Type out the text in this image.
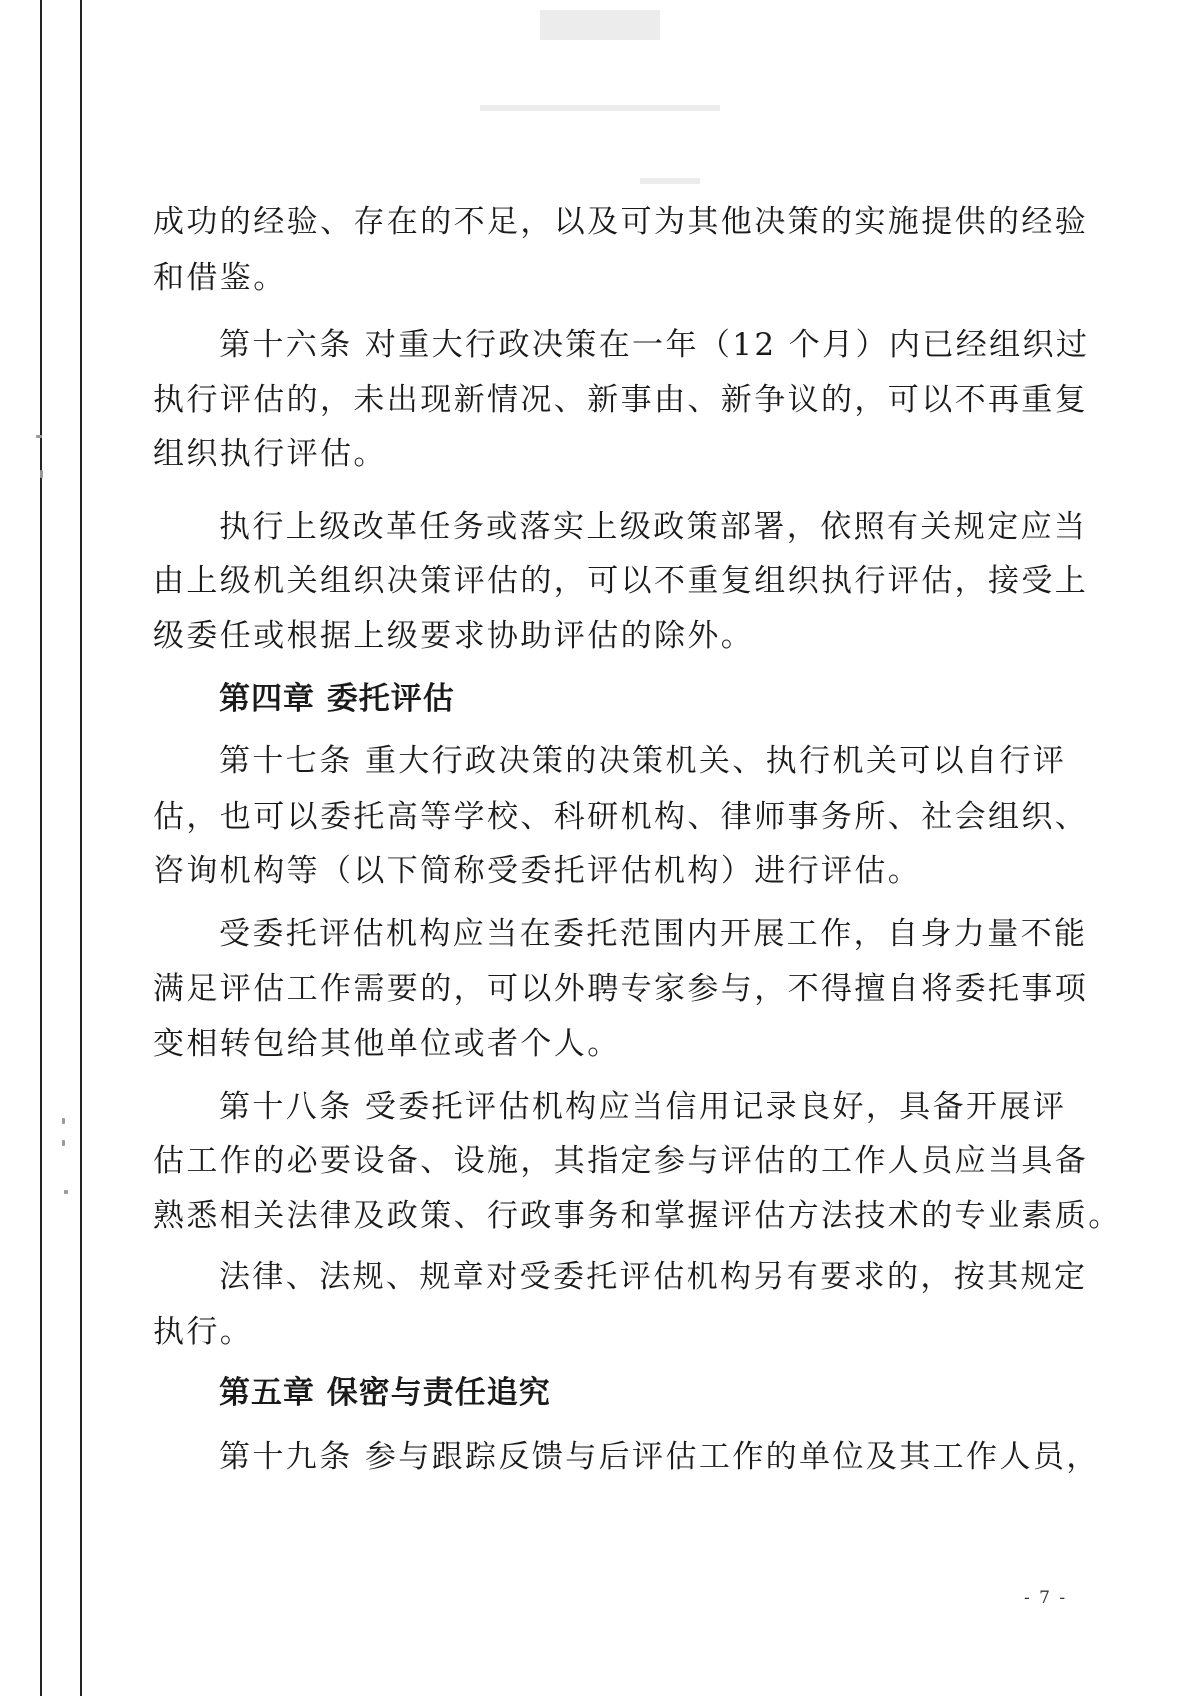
成功的经验、存在的不足，以及可为其他决策的实施提供的经验
和借鉴。
第十六条 对重大行政决策在一年（12 个月）内已经组织过
执行评估的，未出现新情况、新事由、新争议的，可以不再重复
组织执行评估。
执行上级改革任务或落实上级政策部署，依照有关规定应当
由上级机关组织决策评估的，可以不重复组织执行评估，接受上
级委任或根据上级要求协助评估的除外。
第四章 委托评估
第十七条 重大行政决策的决策机关、执行机关可以自行评
估，也可以委托高等学校、科研机构、律师事务所、社会组织、
咨询机构等（以下简称受委托评估机构）进行评估。
受委托评估机构应当在委托范围内开展工作，自身力量不能
满足评估工作需要的，可以外聘专家参与，不得擅自将委托事项
变相转包给其他单位或者个人。
第十八条 受委托评估机构应当信用记录良好，具备开展评
估工作的必要设备、设施，其指定参与评估的工作人员应当具备
熟悉相关法律及政策、行政事务和掌握评估方法技术的专业素质。
法律、法规、规章对受委托评估机构另有要求的，按其规定
执行。
第五章 保密与责任追究
第十九条 参与跟踪反馈与后评估工作的单位及其工作人员，
- 7 -
